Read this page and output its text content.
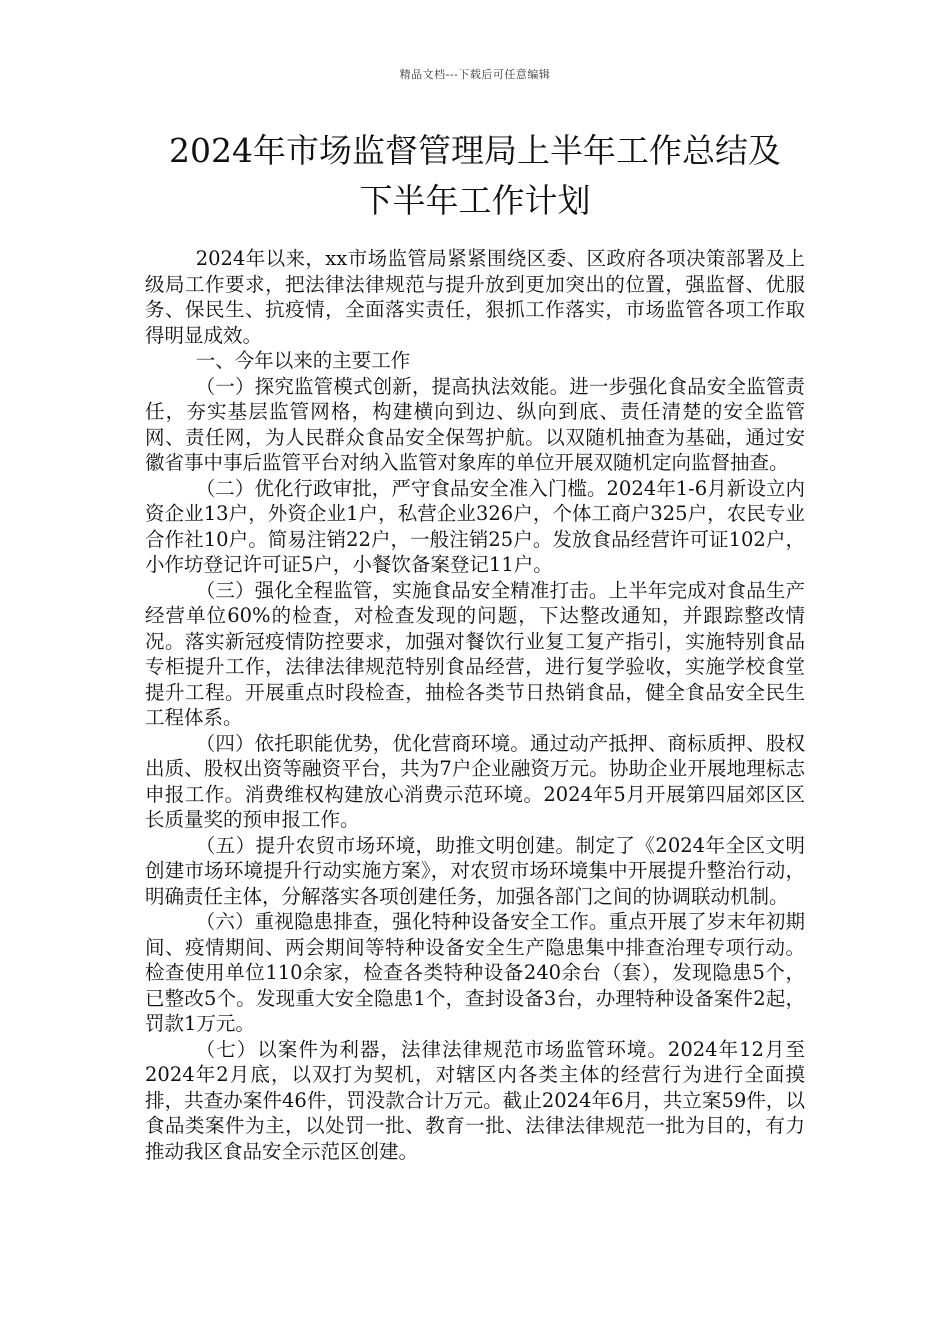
精品文档---下载后可任意编辑
2024年市场监督管理局上半年工作总结及
下半年工作计划

2024年以来，xx市场监管局紧紧围绕区委、区政府各项决策部署及上级局工作要求，把法律法律规范与提升放到更加突出的位置，强监督、优服务、保民生、抗疫情，全面落实责任，狠抓工作落实，市场监管各项工作取得明显成效。

一、今年以来的主要工作

（一）探究监管模式创新，提高执法效能。进一步强化食品安全监管责任，夯实基层监管网格，构建横向到边、纵向到底、责任清楚的安全监管网、责任网，为人民群众食品安全保驾护航。以双随机抽查为基础，通过安徽省事中事后监管平台对纳入监管对象库的单位开展双随机定向监督抽查。

（二）优化行政审批，严守食品安全准入门槛。2024年1-6月新设立内资企业13户，外资企业1户，私营企业326户，个体工商户325户，农民专业合作社10户。简易注销22户，一般注销25户。发放食品经营许可证102户，小作坊登记许可证5户，小餐饮备案登记11户。

（三）强化全程监管，实施食品安全精准打击。上半年完成对食品生产经营单位60%的检查，对检查发现的问题，下达整改通知，并跟踪整改情况。落实新冠疫情防控要求，加强对餐饮行业复工复产指引，实施特别食品专柜提升工作，法律法律规范特别食品经营，进行复学验收，实施学校食堂提升工程。开展重点时段检查，抽检各类节日热销食品，健全食品安全民生工程体系。

（四）依托职能优势，优化营商环境。通过动产抵押、商标质押、股权出质、股权出资等融资平台，共为7户企业融资万元。协助企业开展地理标志申报工作。消费维权构建放心消费示范环境。2024年5月开展第四届郊区区长质量奖的预申报工作。

（五）提升农贸市场环境，助推文明创建。制定了《2024年全区文明创建市场环境提升行动实施方案》，对农贸市场环境集中开展提升整治行动，明确责任主体，分解落实各项创建任务，加强各部门之间的协调联动机制。

（六）重视隐患排查，强化特种设备安全工作。重点开展了岁末年初期间、疫情期间、两会期间等特种设备安全生产隐患集中排查治理专项行动。检查使用单位110余家，检查各类特种设备240余台（套），发现隐患5个，已整改5个。发现重大安全隐患1个，查封设备3台，办理特种设备案件2起，罚款1万元。

（七）以案件为利器，法律法律规范市场监管环境。2024年12月至2024年2月底，以双打为契机，对辖区内各类主体的经营行为进行全面摸排，共查办案件46件，罚没款合计万元。截止2024年6月，共立案59件，以食品类案件为主，以处罚一批、教育一批、法律法律规范一批为目的，有力推动我区食品安全示范区创建。
